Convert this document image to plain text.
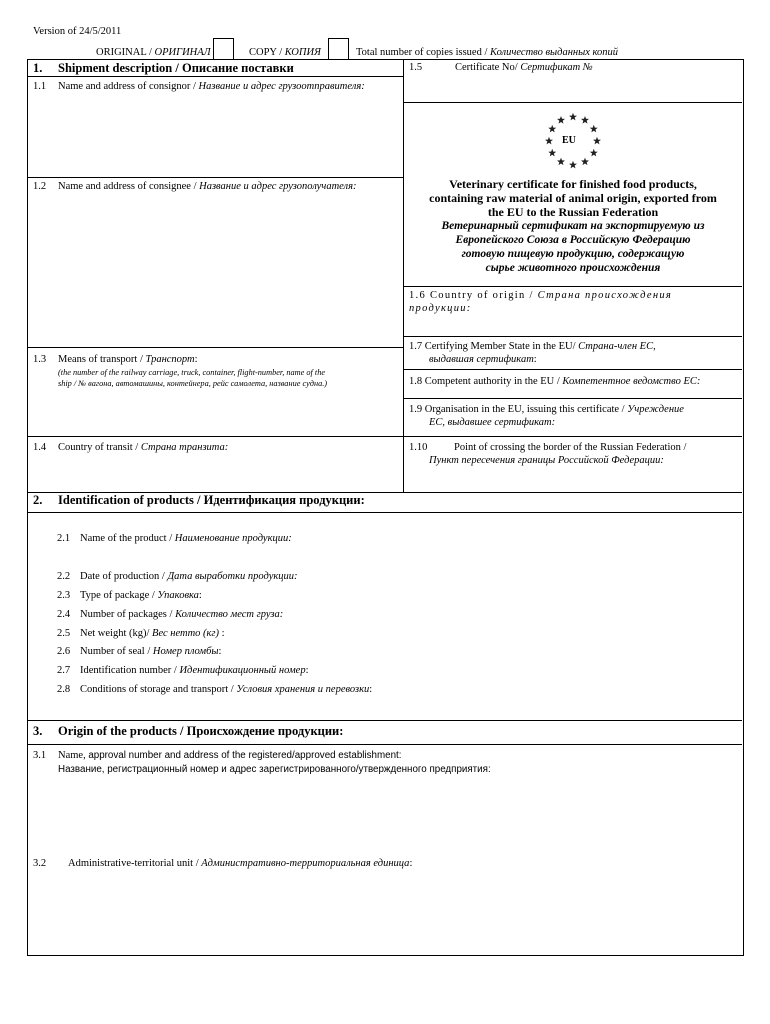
Version of 24/5/2011
ORIGINAL / ОРИГИНАЛ	COPY / КОПИЯ	Total number of copies issued / Количество выданных копий
1. Shipment description / Описание поставки
1.1 Name and address of consignor / Название и адрес грузоотправителя:
1.2 Name and address of consignee / Название и адрес грузополучателя:
1.3 Means of transport / Транспорт:
(the number of the railway carriage, truck, container, flight-number, name of the
ship / № вагона, автомашины, контейнера, рейс самолета, название судна.)
1.4 Country of transit / Страна транзита:
1.5	Certificate No/ Сертификат №
EU
Veterinary certificate for finished food products,
containing raw material of animal origin, exported from
the EU to the Russian Federation
Ветеринарный сертификат на экспортируемую из
Европейского Союза в Российскую Федерацию
готовую пищевую продукцию, содержащую
сырье животного происхождения
1.6 Country of origin / Страна происхождения
продукции:
1.7 Certifying Member State in the EU/ Страна-член ЕС,
выдавшая сертификат:
1.8 Competent authority in the EU / Компетентное ведомство ЕС:
1.9 Organisation in the EU, issuing this certificate / Учреждение
ЕС, выдавшее сертификат:
1.10	Point of crossing the border of the Russian Federation /
Пункт пересечения границы Российской Федерации:
2. Identification of products / Идентификация продукции:
2.1 Name of the product / Наименование продукции:
2.2 Date of production / Дата выработки продукции:
2.3 Type of package / Упаковка:
2.4 Number of packages / Количество мест груза:
2.5 Net weight (kg)/ Вес нетто (кг) :
2.6 Number of seal / Номер пломбы:
2.7 Identification number / Идентификационный номер:
2.8 Conditions of storage and transport / Условия хранения и перевозки:
3. Origin of the products / Происхождение продукции:
3.1 Name, approval number and address of the registered/approved establishment:
Название, регистрационный номер и адрес зарегистрированного/утвержденного предприятия:
3.2 Administrative-territorial unit / Административно-территориальная единица:
